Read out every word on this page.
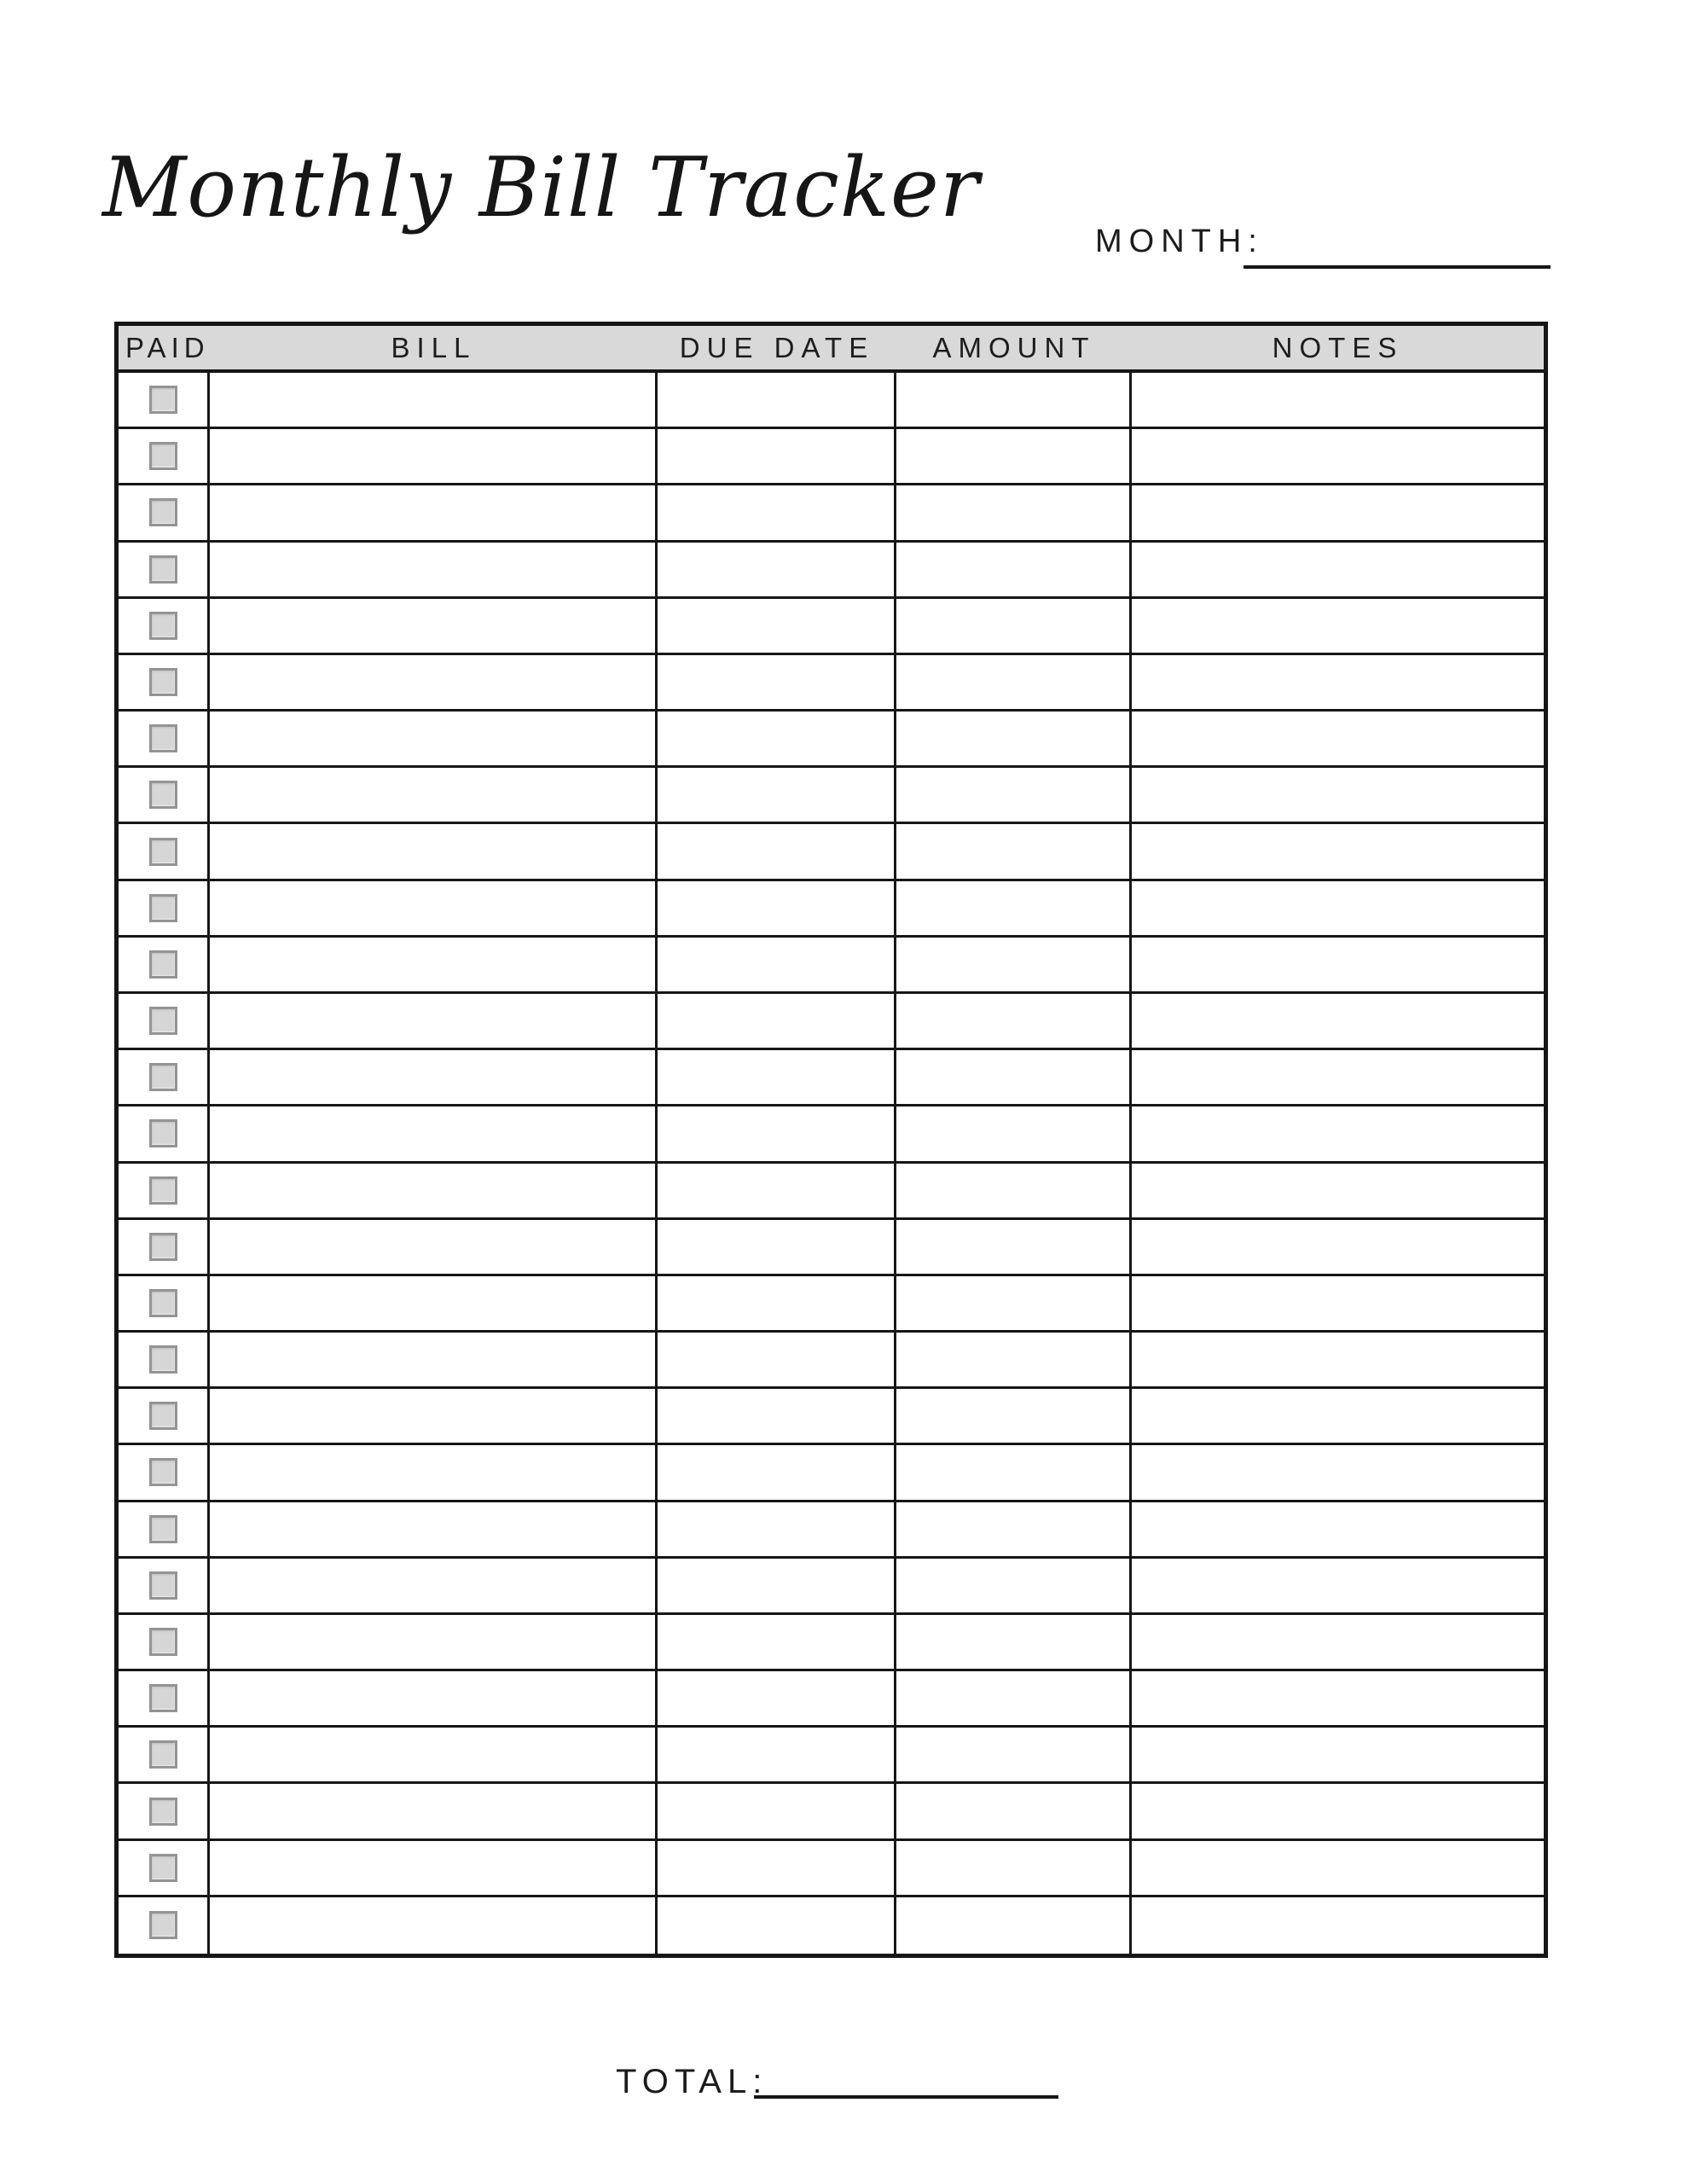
Monthly Bill Tracker
MONTH:
PAID	BILL	DUE DATE	AMOUNT	NOTES
TOTAL:
